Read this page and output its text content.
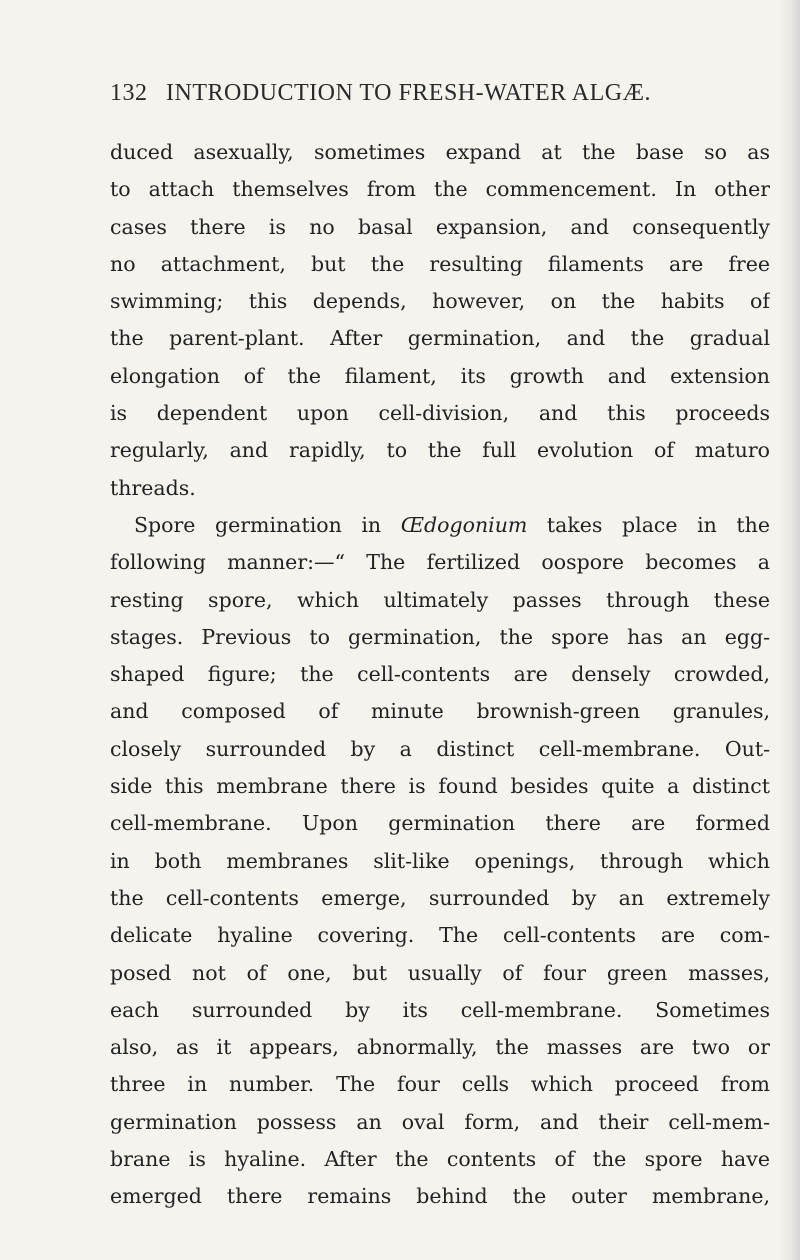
132 INTRODUCTION TO FRESH-WATER ALGÆ.
duced asexually, sometimes expand at the base so as
to attach themselves from the commencement. In other
cases there is no basal expansion, and consequently
no attachment, but the resulting filaments are free
swimming; this depends, however, on the habits of
the parent-plant. After germination, and the gradual
elongation of the filament, its growth and extension
is dependent upon cell-division, and this proceeds
regularly, and rapidly, to the full evolution of maturo
threads.
Spore germination in Œdogonium takes place in the
following manner:—“ The fertilized oospore becomes a
resting spore, which ultimately passes through these
stages. Previous to germination, the spore has an egg-
shaped figure; the cell-contents are densely crowded,
and composed of minute brownish-green granules,
closely surrounded by a distinct cell-membrane. Out-
side this membrane there is found besides quite a distinct
cell-membrane. Upon germination there are formed
in both membranes slit-like openings, through which
the cell-contents emerge, surrounded by an extremely
delicate hyaline covering. The cell-contents are com-
posed not of one, but usually of four green masses,
each surrounded by its cell-membrane. Sometimes
also, as it appears, abnormally, the masses are two or
three in number. The four cells which proceed from
germination possess an oval form, and their cell-mem-
brane is hyaline. After the contents of the spore have
emerged there remains behind the outer membrane,
